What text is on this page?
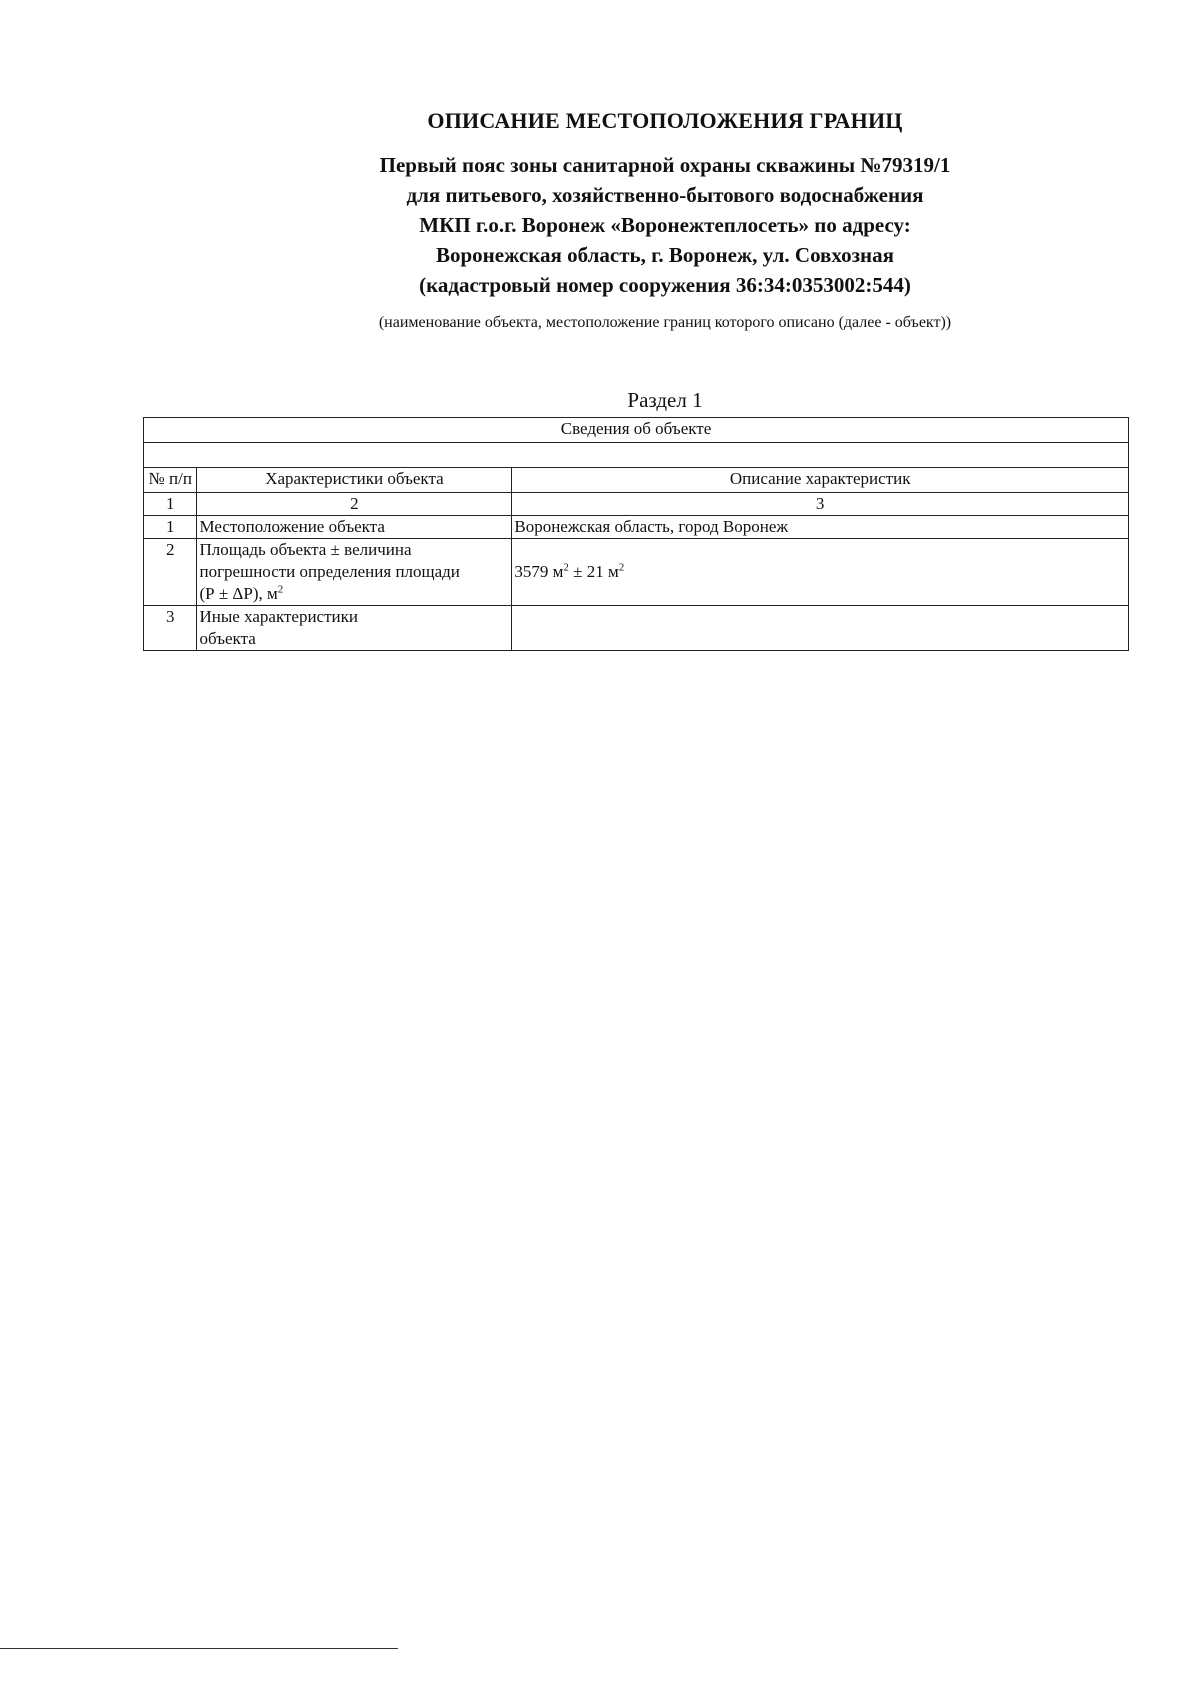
ОПИСАНИЕ МЕСТОПОЛОЖЕНИЯ ГРАНИЦ
Первый пояс зоны санитарной охраны скважины №79319/1
для питьевого, хозяйственно-бытового водоснабжения
МКП г.о.г. Воронеж «Воронежтеплосеть» по адресу:
Воронежская область, г. Воронеж, ул. Совхозная
(кадастровый номер сооружения 36:34:0353002:544)
(наименование объекта, местоположение границ которого описано (далее - объект))
Раздел 1
Сведения об объекте		

№ п/п	Характеристики объекта	Описание характеристик
1	2	3
1	Местоположение объекта	Воронежская область, город Воронеж
2	Площадь объекта ± величина
погрешности определения площади
(Р ± ΔР), $м^2$	3579 $м^2 \pm 21$ $м^2$
3	Иные характеристики
объекта	
